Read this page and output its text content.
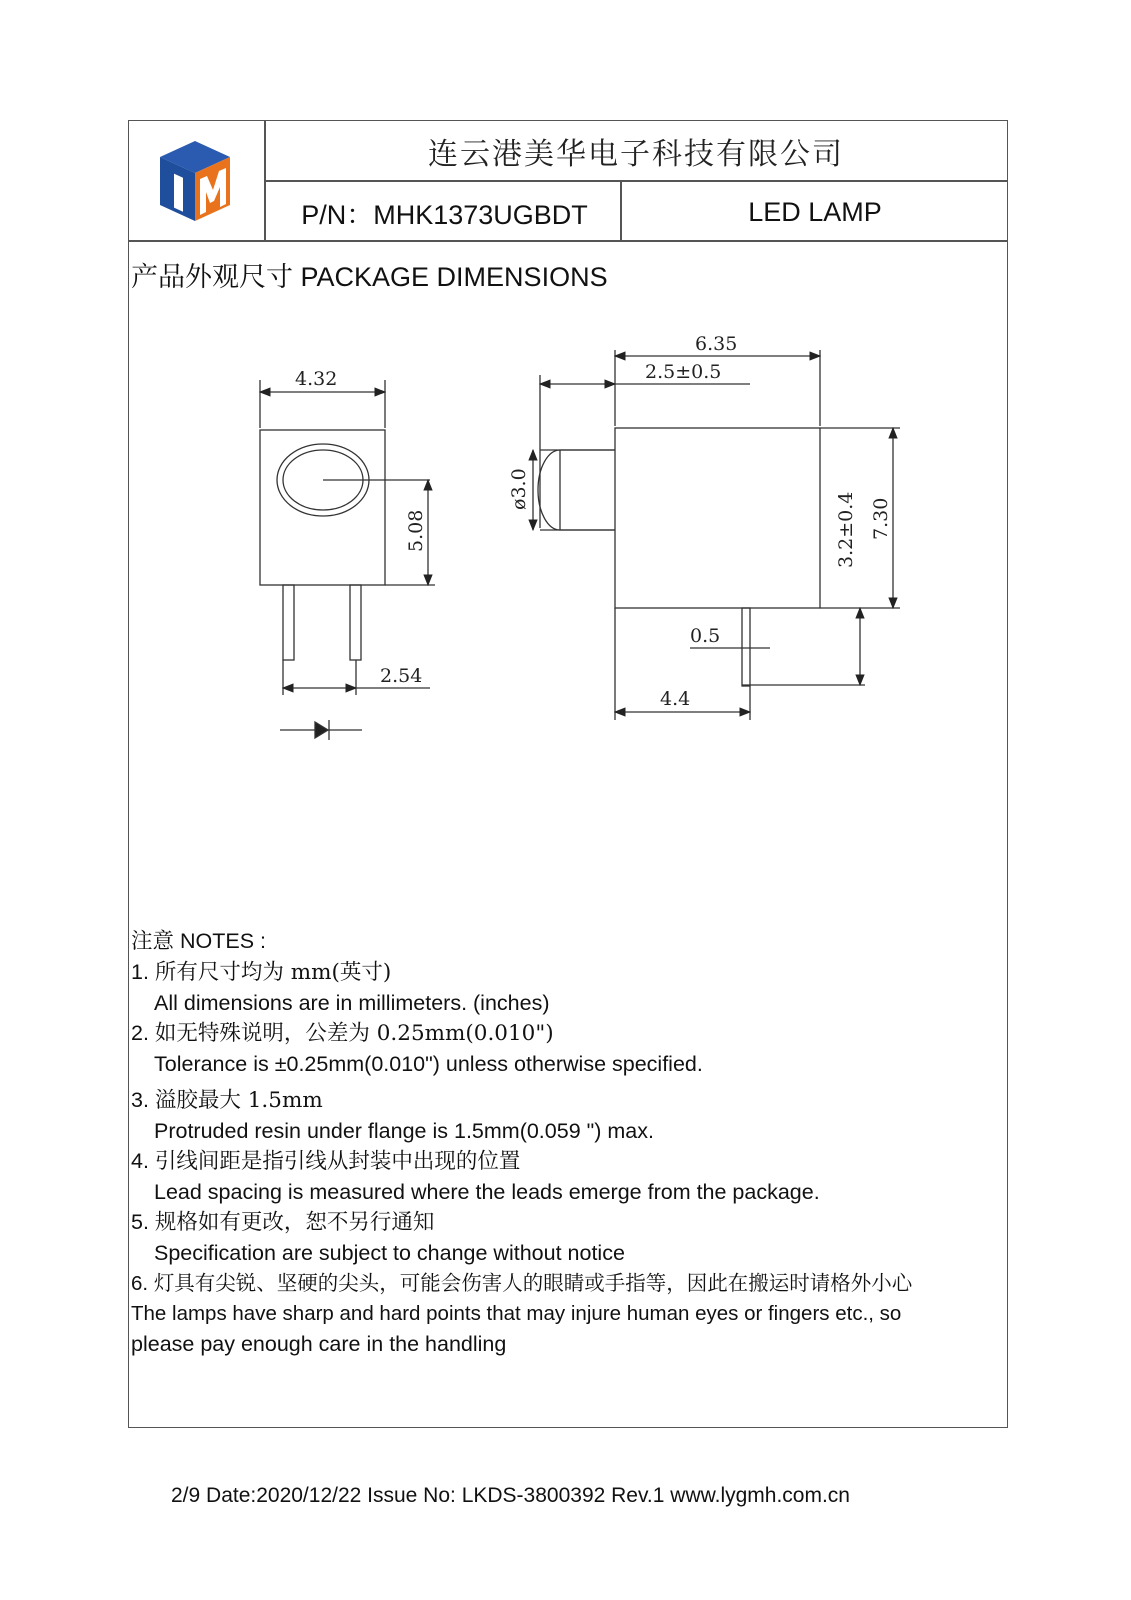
连云港美华电子科技有限公司
P/N：MHK1373UGBDT	LED LAMP
产品外观尺寸 PACKAGE DIMENSIONS
4.32
5.08
2.54
6.35
2.5±0.5
ø3.0
7.30
3.2±0.4
0.5
4.4
注意 NOTES :
1. 所有尺寸均为 mm(英寸)
All dimensions are in millimeters. (inches)
2. 如无特殊说明，公差为 0.25mm(0.010")
Tolerance is ±0.25mm(0.010") unless otherwise specified.
3. 溢胶最大 1.5mm
Protruded resin under flange is 1.5mm(0.059 ") max.
4. 引线间距是指引线从封装中出现的位置
Lead spacing is measured where the leads emerge from the package.
5. 规格如有更改，恕不另行通知
Specification are subject to change without notice
6. 灯具有尖锐、坚硬的尖头，可能会伤害人的眼睛或手指等，因此在搬运时请格外小心
The lamps have sharp and hard points that may injure human eyes or fingers etc., so
please pay enough care in the handling
2/9 Date:2020/12/22 Issue No: LKDS-3800392 Rev.1 www.lygmh.com.cn
